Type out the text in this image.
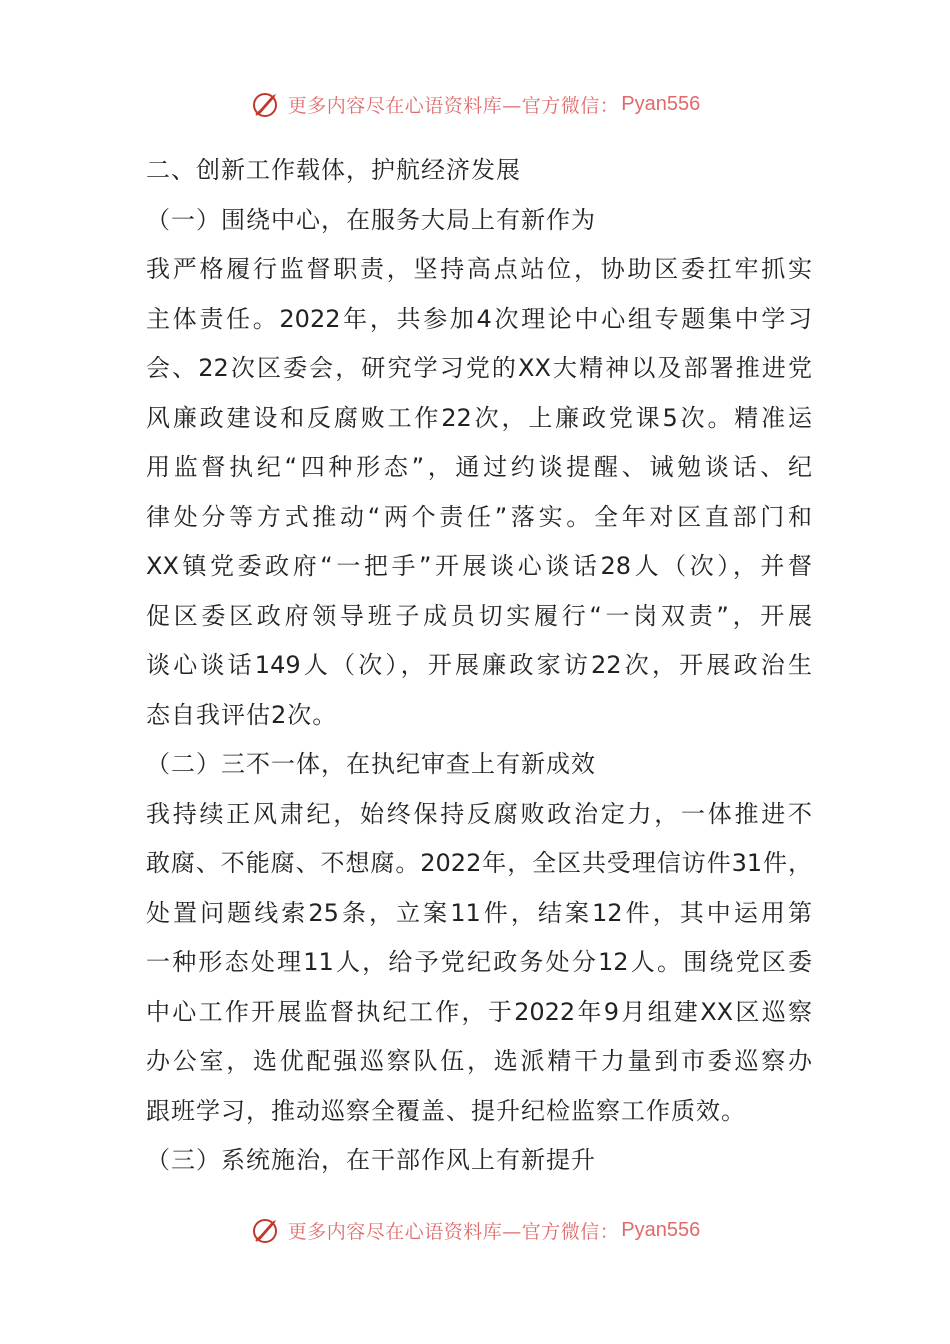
更多内容尽在心语资料库—官方微信： Pyan556
二、创新工作载体，护航经济发展
（一）围绕中心，在服务大局上有新作为
我严格履行监督职责，坚持高点站位，协助区委扛牢抓实
主体责任。2022年，共参加4次理论中心组专题集中学习
会、22次区委会，研究学习党的XX大精神以及部署推进党
风廉政建设和反腐败工作22次，上廉政党课5次。精准运
用监督执纪“四种形态”，通过约谈提醒、诫勉谈话、纪
律处分等方式推动“两个责任”落实。全年对区直部门和
XX镇党委政府“一把手”开展谈心谈话28人（次），并督
促区委区政府领导班子成员切实履行“一岗双责”，开展
谈心谈话149人（次），开展廉政家访22次，开展政治生
态自我评估2次。
（二）三不一体，在执纪审查上有新成效
我持续正风肃纪，始终保持反腐败政治定力，一体推进不
敢腐、不能腐、不想腐。2022年，全区共受理信访件31件，
处置问题线索25条，立案11件，结案12件，其中运用第
一种形态处理11人，给予党纪政务处分12人。围绕党区委
中心工作开展监督执纪工作，于2022年9月组建XX区巡察
办公室，选优配强巡察队伍，选派精干力量到市委巡察办
跟班学习，推动巡察全覆盖、提升纪检监察工作质效。
（三）系统施治，在干部作风上有新提升
更多内容尽在心语资料库—官方微信： Pyan556
